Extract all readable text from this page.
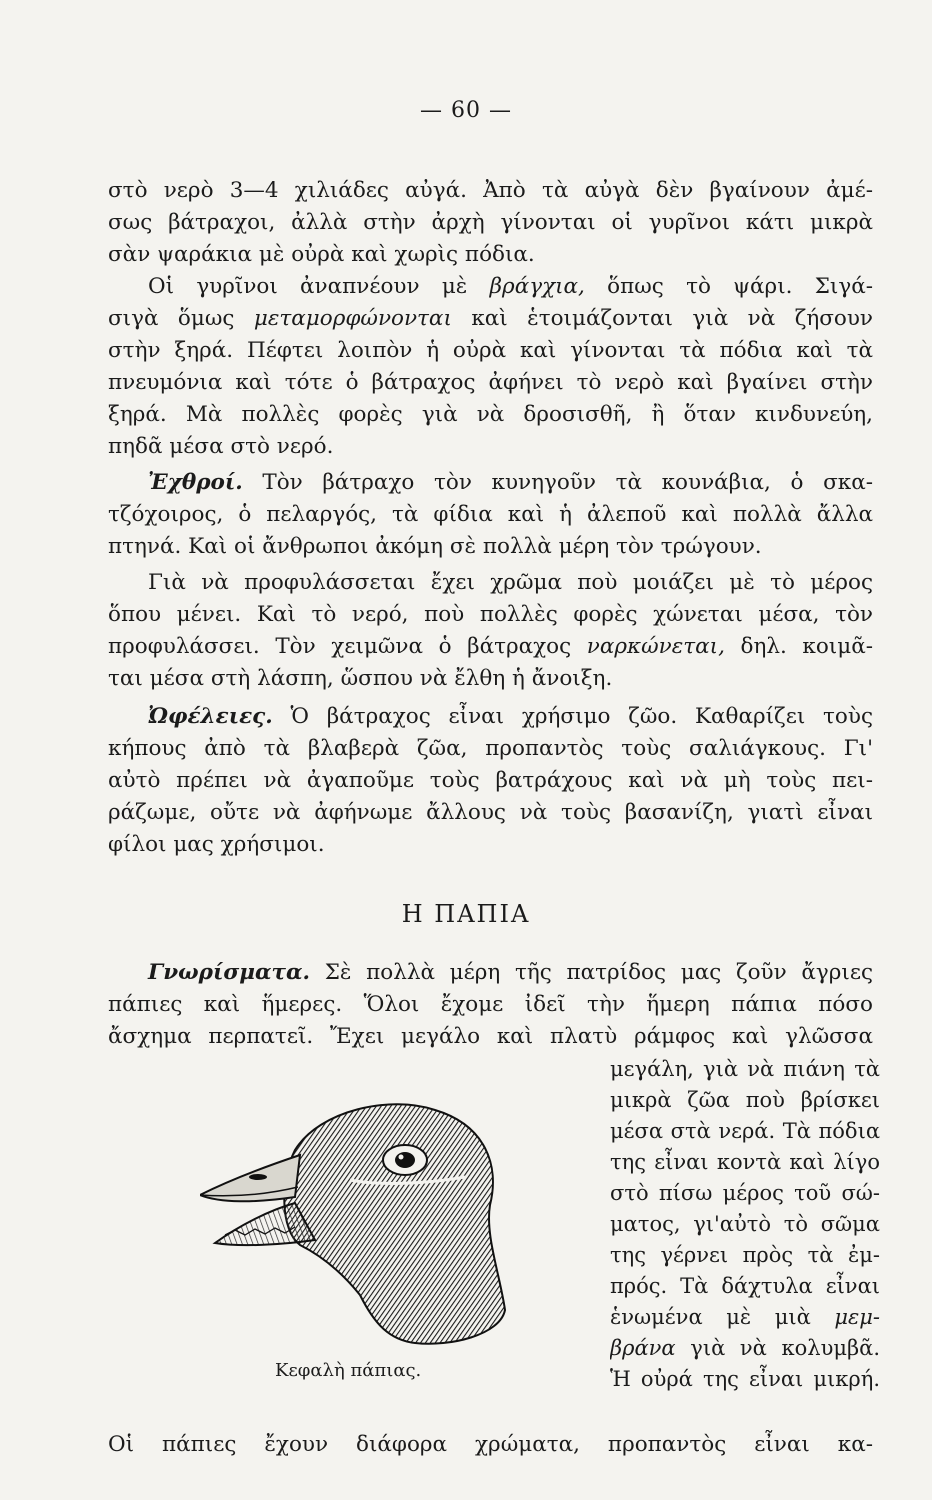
— 60 —
στὸ νερὸ 3—4 χιλιάδες αὐγά. Ἀπὸ τὰ αὐγὰ δὲν βγαίνουν ἀμέ-
σως βάτραχοι, ἀλλὰ στὴν ἀρχὴ γίνονται οἱ γυρῖνοι κάτι μικρὰ
σὰν ψαράκια μὲ οὐρὰ καὶ χωρὶς πόδια.
Οἱ γυρῖνοι ἀναπνέουν μὲ βράγχια, ὅπως τὸ ψάρι. Σιγά-
σιγὰ ὅμως μεταμορφώνονται καὶ ἑτοιμάζονται γιὰ νὰ ζήσουν
στὴν ξηρά. Πέφτει λοιπὸν ἡ οὐρὰ καὶ γίνονται τὰ πόδια καὶ τὰ
πνευμόνια καὶ τότε ὁ βάτραχος ἀφήνει τὸ νερὸ καὶ βγαίνει στὴν
ξηρά. Μὰ πολλὲς φορὲς γιὰ νὰ δροσισθῆ, ἢ ὅταν κινδυνεύη,
πηδᾶ μέσα στὸ νερό.
Ἐχθροί. Τὸν βάτραχο τὸν κυνηγοῦν τὰ κουνάβια, ὁ σκα-
τζόχοιρος, ὁ πελαργός, τὰ φίδια καὶ ἡ ἀλεποῦ καὶ πολλὰ ἄλλα
πτηνά. Καὶ οἱ ἄνθρωποι ἀκόμη σὲ πολλὰ μέρη τὸν τρώγουν.
Γιὰ νὰ προφυλάσσεται ἔχει χρῶμα ποὺ μοιάζει μὲ τὸ μέρος
ὅπου μένει. Καὶ τὸ νερό, ποὺ πολλὲς φορὲς χώνεται μέσα, τὸν
προφυλάσσει. Τὸν χειμῶνα ὁ βάτραχος ναρκώνεται, δηλ. κοιμᾶ-
ται μέσα στὴ λάσπη, ὥσπου νὰ ἔλθη ἡ ἄνοιξη.
Ὠφέλειες. Ὁ βάτραχος εἶναι χρήσιμο ζῶο. Καθαρίζει τοὺς
κήπους ἀπὸ τὰ βλαβερὰ ζῶα, προπαντὸς τοὺς σαλιάγκους. Γι'
αὐτὸ πρέπει νὰ ἀγαποῦμε τοὺς βατράχους καὶ νὰ μὴ τοὺς πει-
ράζωμε, οὔτε νὰ ἀφήνωμε ἄλλους νὰ τοὺς βασανίζη, γιατὶ εἶναι
φίλοι μας χρήσιμοι.
Η ΠΑΠΙΑ
Γνωρίσματα. Σὲ πολλὰ μέρη τῆς πατρίδος μας ζοῦν ἄγριες
πάπιες καὶ ἥμερες. Ὅλοι ἔχομε ἰδεῖ τὴν ἥμερη πάπια πόσο
ἄσχημα περπατεῖ. Ἔχει μεγάλο καὶ πλατὺ ράμφος καὶ γλῶσσα
μεγάλη, γιὰ νὰ πιάνη τὰ
μικρὰ ζῶα ποὺ βρίσκει
μέσα στὰ νερά. Τὰ πόδια
της εἶναι κοντὰ καὶ λίγο
στὸ πίσω μέρος τοῦ σώ-
ματος, γι'αὐτὸ τὸ σῶμα
της γέρνει πρὸς τὰ ἐμ-
πρός. Τὰ δάχτυλα εἶναι
ἑνωμένα μὲ μιὰ μεμ-
βράνα γιὰ νὰ κολυμβᾶ.
Ἡ οὐρά της εἶναι μικρή.
Κεφαλὴ πάπιας.
Οἱ πάπιες ἔχουν διάφορα χρώματα, προπαντὸς εἶναι κα-
